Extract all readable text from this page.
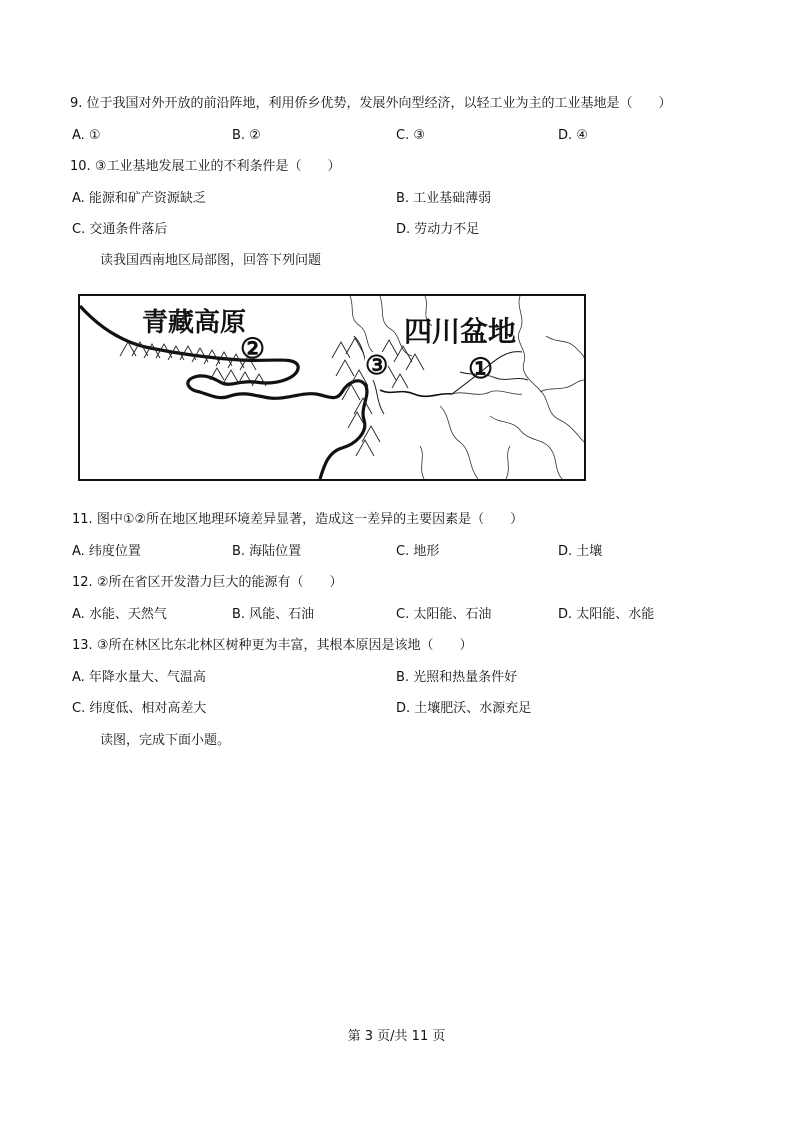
9. 位于我国对外开放的前沿阵地，利用侨乡优势，发展外向型经济，以轻工业为主的工业基地是（　　）
A. ①	B. ②	C. ③	D. ④
10. ③工业基地发展工业的不利条件是（　　）
A. 能源和矿产资源缺乏	B. 工业基础薄弱
C. 交通条件落后	D. 劳动力不足
读我国西南地区局部图，回答下列问题
青藏高原
②
四川盆地
③	①
11. 图中①②所在地区地理环境差异显著，造成这一差异的主要因素是（　　）
A. 纬度位置	B. 海陆位置	C. 地形	D. 土壤
12. ②所在省区开发潜力巨大的能源有（　　）
A. 水能、天然气	B. 风能、石油	C. 太阳能、石油	D. 太阳能、水能
13. ③所在林区比东北林区树种更为丰富，其根本原因是该地（　　）
A. 年降水量大、气温高	B. 光照和热量条件好
C. 纬度低、相对高差大	D. 土壤肥沃、水源充足
读图，完成下面小题。
第 3 页/共 11 页
